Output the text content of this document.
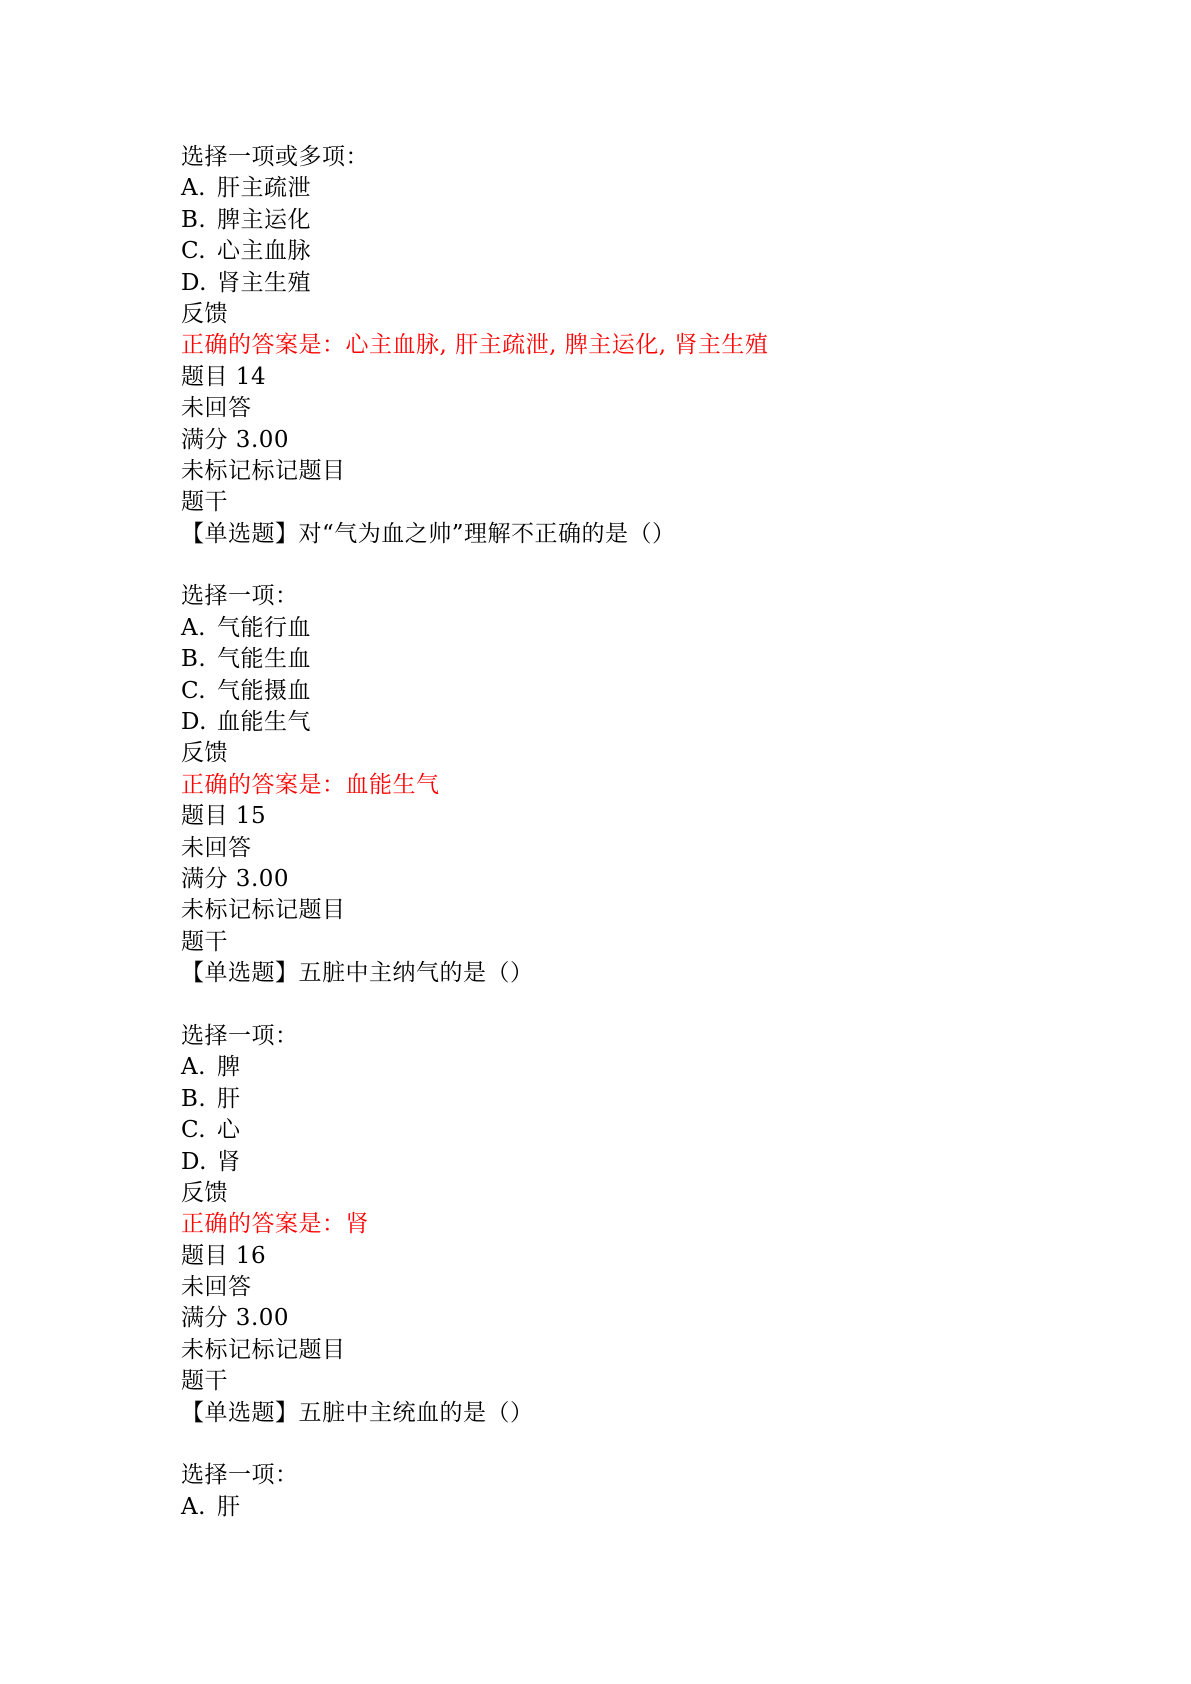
选择一项或多项：
A. 肝主疏泄
B. 脾主运化
C. 心主血脉
D. 肾主生殖
反馈
正确的答案是：心主血脉, 肝主疏泄, 脾主运化, 肾主生殖
题目 14
未回答
满分 3.00
未标记标记题目
题干
【单选题】对“气为血之帅”理解不正确的是（）
选择一项：
A. 气能行血
B. 气能生血
C. 气能摄血
D. 血能生气
反馈
正确的答案是：血能生气
题目 15
未回答
满分 3.00
未标记标记题目
题干
【单选题】五脏中主纳气的是（）
选择一项：
A. 脾
B. 肝
C. 心
D. 肾
反馈
正确的答案是：肾
题目 16
未回答
满分 3.00
未标记标记题目
题干
【单选题】五脏中主统血的是（）
选择一项：
A. 肝
